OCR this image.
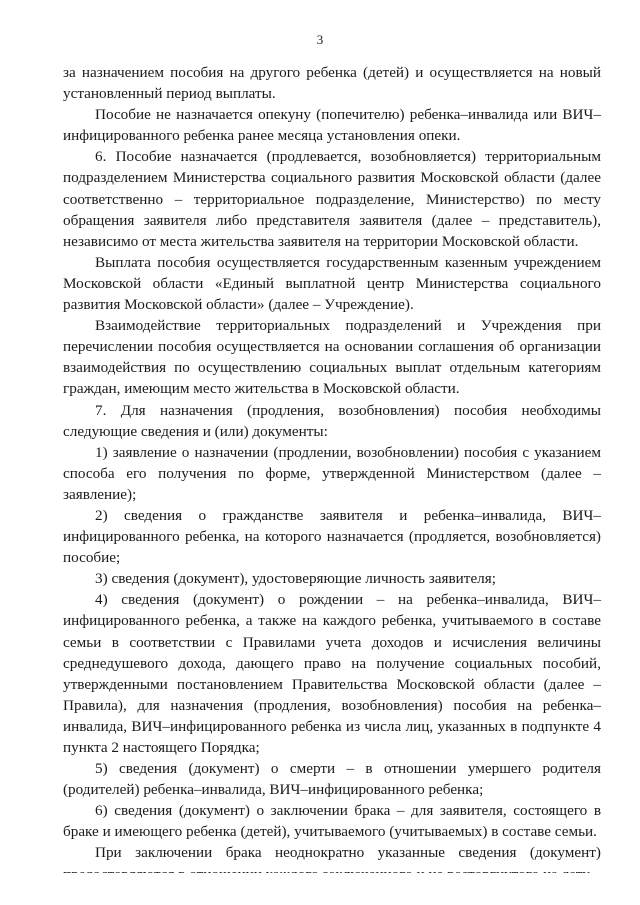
3

за назначением пособия на другого ребенка (детей) и осуществляется на новый установленный период выплаты.

Пособие не назначается опекуну (попечителю) ребенка–инвалида или ВИЧ–инфицированного ребенка ранее месяца установления опеки.

6. Пособие назначается (продлевается, возобновляется) территориальным подразделением Министерства социального развития Московской области (далее соответственно – территориальное подразделение, Министерство) по месту обращения заявителя либо представителя заявителя (далее – представитель), независимо от места жительства заявителя на территории Московской области.

Выплата пособия осуществляется государственным казенным учреждением Московской области «Единый выплатной центр Министерства социального развития Московской области» (далее – Учреждение).

Взаимодействие территориальных подразделений и Учреждения при перечислении пособия осуществляется на основании соглашения об организации взаимодействия по осуществлению социальных выплат отдельным категориям граждан, имеющим место жительства в Московской области.

7. Для назначения (продления, возобновления) пособия необходимы следующие сведения и (или) документы:

1) заявление о назначении (продлении, возобновлении) пособия с указанием способа его получения по форме, утвержденной Министерством (далее – заявление);

2) сведения о гражданстве заявителя и ребенка–инвалида, ВИЧ–инфицированного ребенка, на которого назначается (продляется, возобновляется) пособие;

3) сведения (документ), удостоверяющие личность заявителя;

4) сведения (документ) о рождении – на ребенка–инвалида, ВИЧ–инфицированного ребенка, а также на каждого ребенка, учитываемого в составе семьи в соответствии с Правилами учета доходов и исчисления величины среднедушевого дохода, дающего право на получение социальных пособий, утвержденными постановлением Правительства Московской области (далее – Правила), для назначения (продления, возобновления) пособия на ребенка–инвалида, ВИЧ–инфицированного ребенка из числа лиц, указанных в подпункте 4 пункта 2 настоящего Порядка;

5) сведения (документ) о смерти – в отношении умершего родителя (родителей) ребенка–инвалида, ВИЧ–инфицированного ребенка;

6) сведения (документ) о заключении брака – для заявителя, состоящего в браке и имеющего ребенка (детей), учитываемого (учитываемых) в составе семьи.

При заключении брака неоднократно указанные сведения (документ)
